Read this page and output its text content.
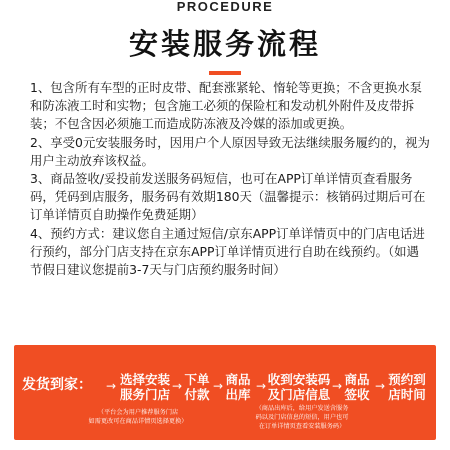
PROCEDURE
安装服务流程

1、包含所有车型的正时皮带、配套涨紧轮、惰轮等更换；不含更换水泵和防冻液工时和实物；包含施工必须的保险杠和发动机外附件及皮带拆装；不包含因必须施工而造成防冻液及冷媒的添加或更换。

2、享受0元安装服务时，因用户个人原因导致无法继续服务履约的，视为用户主动放弃该权益。

3、商品签收/妥投前发送服务码短信，也可在APP订单详情页查看服务码，凭码到店服务，服务码有效期180天（温馨提示：核销码过期后可在订单详情页自助操作免费延期）

4、预约方式：建议您自主通过短信/京东APP订单详情页中的门店电话进行预约，部分门店支持在京东APP订单详情页进行自助在线预约。（如遇节假日建议您提前3-7天与门店预约服务时间）

发货到家：	→ 选择安装
服务门店
→ 下单
付款
→ 商品
出库
→ 收到安装码
及门店信息
→ 商品
签收
→ 预约到
店时间
（平台会为用户推荐服务门店
如需更改可在商品详情页选择更换）
（商品出库后，给用户发送含服务
码以及门店信息的短信，用户也可
在订单详情页查看安装服务码）
